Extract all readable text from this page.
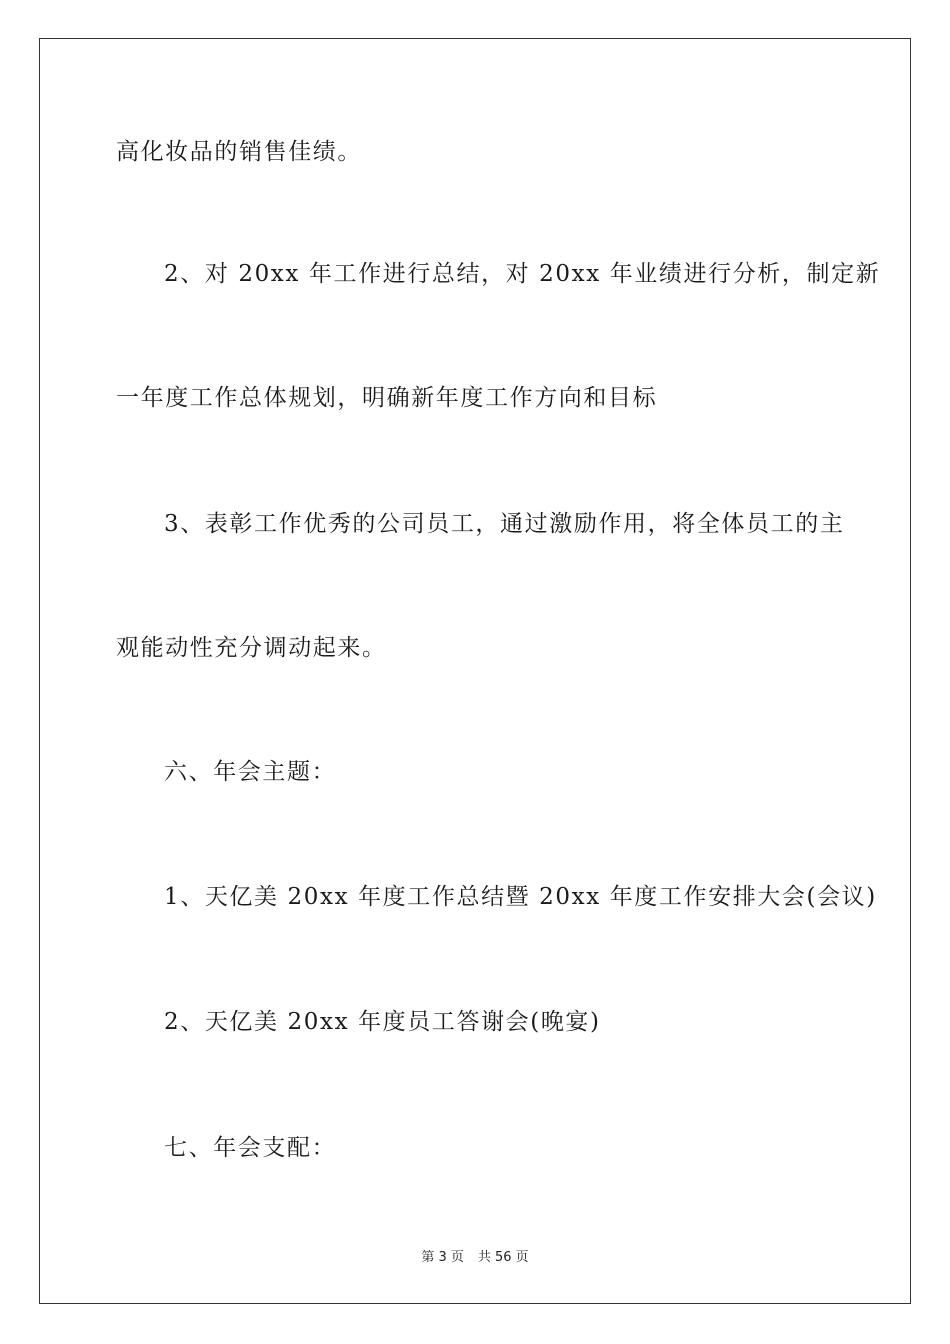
高化妆品的销售佳绩。
2、对 20xx 年工作进行总结，对 20xx 年业绩进行分析，制定新
一年度工作总体规划，明确新年度工作方向和目标
3、表彰工作优秀的公司员工，通过激励作用，将全体员工的主
观能动性充分调动起来。
六、年会主题：
1、天亿美 20xx 年度工作总结暨 20xx 年度工作安排大会(会议)
2、天亿美 20xx 年度员工答谢会(晚宴)
七、年会支配：
第 3 页 共 56 页
